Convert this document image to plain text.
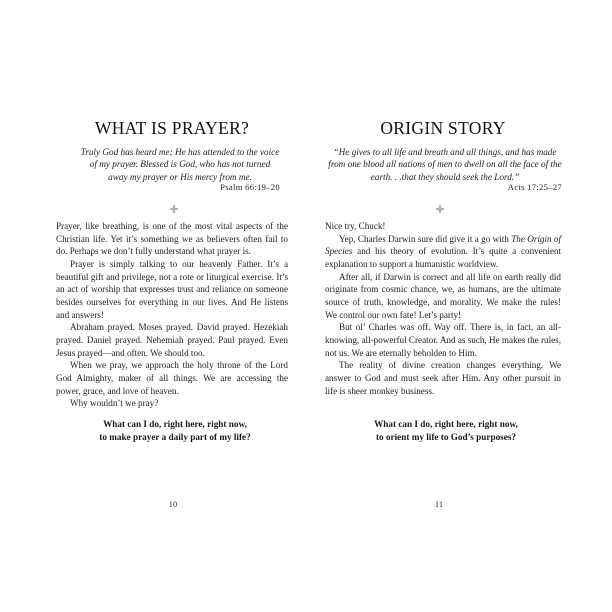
WHAT IS PRAYER?
Truly God has heard me; He has attended to the voice of my prayer. Blessed is God, who has not turned away my prayer or His mercy from me.
Psalm 66:19–20
✚

Prayer, like breathing, is one of the most vital aspects of the Christian life. Yet it’s something we as believers often fail to do. Perhaps we don’t fully understand what prayer is.

Prayer is simply talking to our heavenly Father. It’s a beautiful gift and privilege, not a rote or liturgical exercise. It’s an act of worship that expresses trust and reliance on someone besides ourselves for everything in our lives. And He listens and answers!

Abraham prayed. Moses prayed. David prayed. Hezekiah prayed. Daniel prayed. Nehemiah prayed. Paul prayed. Even Jesus prayed—and often. We should too.

When we pray, we approach the holy throne of the Lord God Almighty, maker of all things. We are accessing the power, grace, and love of heaven.

Why wouldn’t we pray?

What can I do, right here, right now,
to make prayer a daily part of my life?
10
ORIGIN STORY
“He gives to all life and breath and all things, and has made from one blood all nations of men to dwell on all the face of the earth. . .that they should seek the Lord.”
Acts 17:25–27
✚

Nice try, Chuck!

Yep, Charles Darwin sure did give it a go with The Origin of Species and his theory of evolution. It’s quite a convenient explanation to support a humanistic worldview.

After all, if Darwin is correct and all life on earth really did originate from cosmic chance, we, as humans, are the ultimate source of truth, knowledge, and morality. We make the rules! We control our own fate! Let’s party!

But ol’ Charles was off. Way off. There is, in fact, an all-knowing, all-powerful Creator. And as such, He makes the rules, not us. We are eternally beholden to Him.

The reality of divine creation changes everything. We answer to God and must seek after Him. Any other pursuit in life is sheer monkey business.

What can I do, right here, right now,
to orient my life to God’s purposes?
11
